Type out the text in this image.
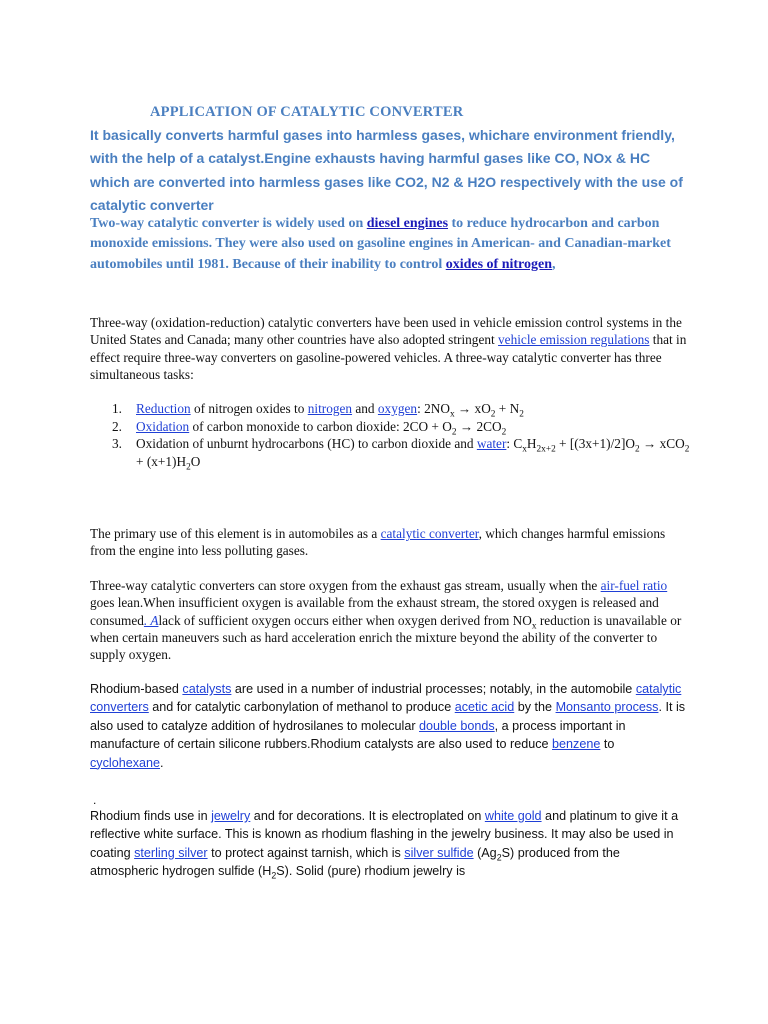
APPLICATION OF CATALYTIC CONVERTER

It basically converts harmful gases into harmless gases, whichare environment friendly, with the help of a catalyst.Engine exhausts having harmful gases like CO, NOx & HC which are converted into harmless gases like CO2, N2 & H2O respectively with the use of catalytic converter

Two-way catalytic converter is widely used on diesel engines to reduce hydrocarbon and carbon monoxide emissions. They were also used on gasoline engines in American- and Canadian-market automobiles until 1981. Because of their inability to control oxides of nitrogen,

Three-way (oxidation-reduction) catalytic converters have been used in vehicle emission control systems in the United States and Canada; many other countries have also adopted stringent vehicle emission regulations that in effect require three-way converters on gasoline-powered vehicles. A three-way catalytic converter has three simultaneous tasks:

1. Reduction of nitrogen oxides to nitrogen and oxygen: $2NO_x \to xO_2 + N_2$
2. Oxidation of carbon monoxide to carbon dioxide: $2CO + O_2 \to 2CO_2$
3. Oxidation of unburnt hydrocarbons (HC) to carbon dioxide and water: $C_xH_{2x+2} + [(3x+1)/2]O_2 \to xCO_2 + (x+1)H_2O$

The primary use of this element is in automobiles as a catalytic converter, which changes harmful emissions from the engine into less polluting gases.

Three-way catalytic converters can store oxygen from the exhaust gas stream, usually when the air-fuel ratio goes lean.When insufficient oxygen is available from the exhaust stream, the stored oxygen is released and consumed. Alack of sufficient oxygen occurs either when oxygen derived from $NO_x$ reduction is unavailable or when certain maneuvers such as hard acceleration enrich the mixture beyond the ability of the converter to supply oxygen.

Rhodium-based catalysts are used in a number of industrial processes; notably, in the automobile catalytic converters and for catalytic carbonylation of methanol to produce acetic acid by the Monsanto process. It is also used to catalyze addition of hydrosilanes to molecular double bonds, a process important in manufacture of certain silicone rubbers.Rhodium catalysts are also used to reduce benzene to cyclohexane.

.

Rhodium finds use in jewelry and for decorations. It is electroplated on white gold and platinum to give it a reflective white surface. This is known as rhodium flashing in the jewelry business. It may also be used in coating sterling silver to protect against tarnish, which is silver sulfide $(Ag_2S)$ produced from the atmospheric hydrogen sulfide $(H_2S)$. Solid (pure) rhodium jewelry is
